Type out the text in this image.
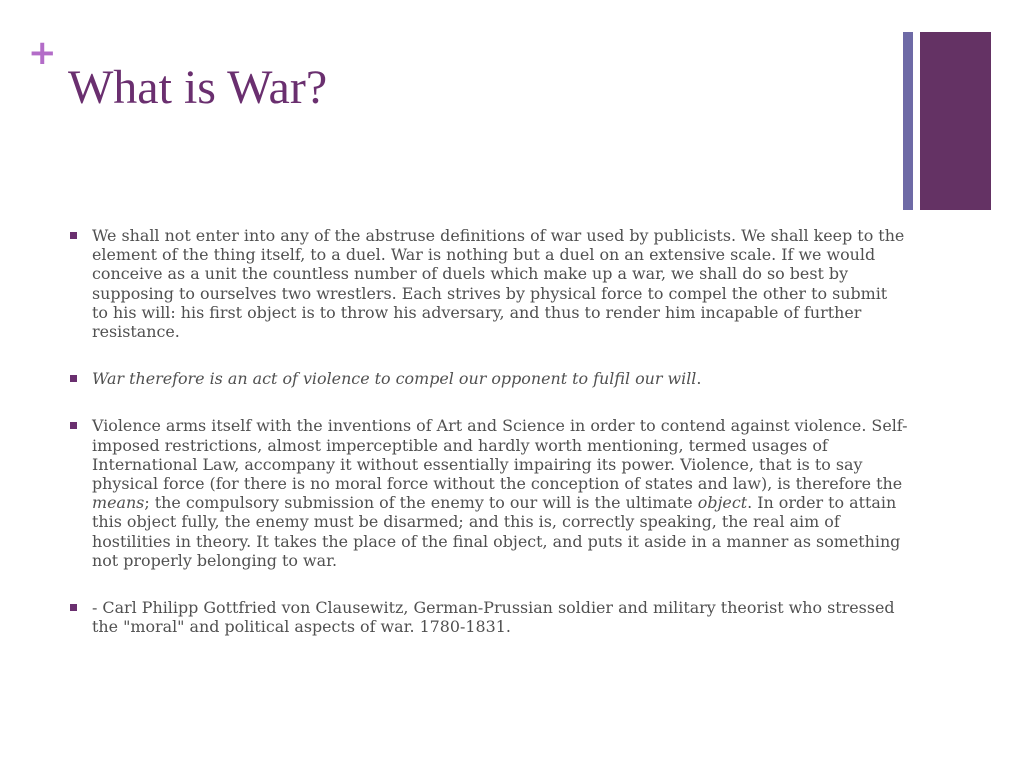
+
What is War?
We shall not enter into any of the abstruse definitions of war used by publicists. We shall keep to the element of the thing itself, to a duel. War is nothing but a duel on an extensive scale. If we would conceive as a unit the countless number of duels which make up a war, we shall do so best by supposing to ourselves two wrestlers. Each strives by physical force to compel the other to submit to his will: his first object is to throw his adversary, and thus to render him incapable of further resistance.
War therefore is an act of violence to compel our opponent to fulfil our will.
Violence arms itself with the inventions of Art and Science in order to contend against violence. Self-imposed restrictions, almost imperceptible and hardly worth mentioning, termed usages of International Law, accompany it without essentially impairing its power. Violence, that is to say physical force (for there is no moral force without the conception of states and law), is therefore the means; the compulsory submission of the enemy to our will is the ultimate object. In order to attain this object fully, the enemy must be disarmed; and this is, correctly speaking, the real aim of hostilities in theory. It takes the place of the final object, and puts it aside in a manner as something not properly belonging to war.
- Carl Philipp Gottfried von Clausewitz, German-Prussian soldier and military theorist who stressed the "moral" and political aspects of war. 1780-1831.
